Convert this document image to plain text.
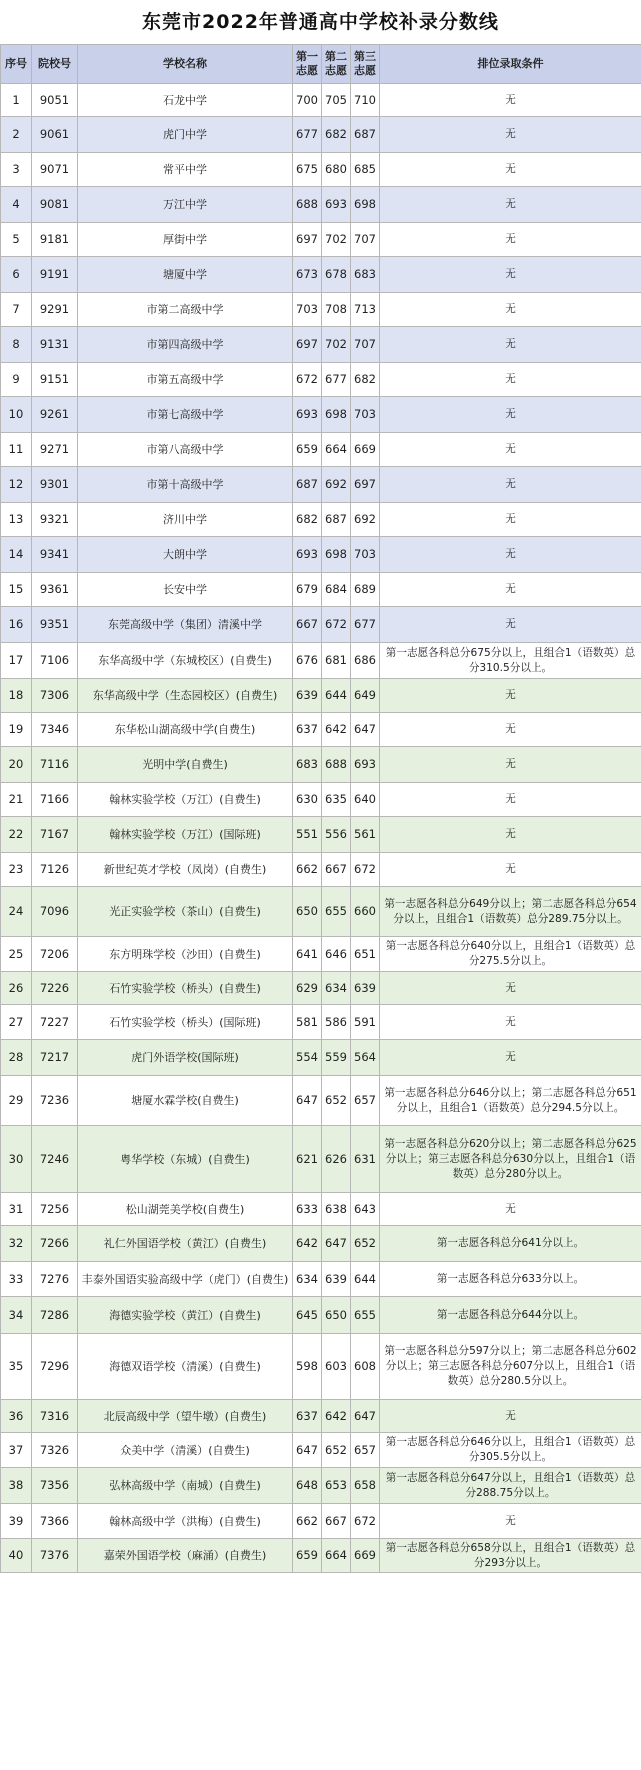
东莞市2022年普通高中学校补录分数线
序号	院校号	学校名称	第一志愿	第二志愿	第三志愿	排位录取条件
1	9051	石龙中学	700	705	710	无
2	9061	虎门中学	677	682	687	无
3	9071	常平中学	675	680	685	无
4	9081	万江中学	688	693	698	无
5	9181	厚街中学	697	702	707	无
6	9191	塘厦中学	673	678	683	无
7	9291	市第二高级中学	703	708	713	无
8	9131	市第四高级中学	697	702	707	无
9	9151	市第五高级中学	672	677	682	无
10	9261	市第七高级中学	693	698	703	无
11	9271	市第八高级中学	659	664	669	无
12	9301	市第十高级中学	687	692	697	无
13	9321	济川中学	682	687	692	无
14	9341	大朗中学	693	698	703	无
15	9361	长安中学	679	684	689	无
16	9351	东莞高级中学（集团）清溪中学	667	672	677	无
17	7106	东华高级中学（东城校区）(自费生)	676	681	686	第一志愿各科总分675分以上，且组合1（语数英）总分310.5分以上。
18	7306	东华高级中学（生态园校区）(自费生)	639	644	649	无
19	7346	东华松山湖高级中学(自费生)	637	642	647	无
20	7116	光明中学(自费生)	683	688	693	无
21	7166	翰林实验学校（万江）(自费生)	630	635	640	无
22	7167	翰林实验学校（万江）(国际班)	551	556	561	无
23	7126	新世纪英才学校（凤岗）(自费生)	662	667	672	无
24	7096	光正实验学校（茶山）(自费生)	650	655	660	第一志愿各科总分649分以上；第二志愿各科总分654分以上，且组合1（语数英）总分289.75分以上。
25	7206	东方明珠学校（沙田）(自费生)	641	646	651	第一志愿各科总分640分以上，且组合1（语数英）总分275.5分以上。
26	7226	石竹实验学校（桥头）(自费生)	629	634	639	无
27	7227	石竹实验学校（桥头）(国际班)	581	586	591	无
28	7217	虎门外语学校(国际班)	554	559	564	无
29	7236	塘厦水霖学校(自费生)	647	652	657	第一志愿各科总分646分以上；第二志愿各科总分651分以上，且组合1（语数英）总分294.5分以上。
30	7246	粤华学校（东城）(自费生)	621	626	631	第一志愿各科总分620分以上；第二志愿各科总分625分以上；第三志愿各科总分630分以上，且组合1（语数英）总分280分以上。
31	7256	松山湖莞美学校(自费生)	633	638	643	无
32	7266	礼仁外国语学校（黄江）(自费生)	642	647	652	第一志愿各科总分641分以上。
33	7276	丰泰外国语实验高级中学（虎门）(自费生)	634	639	644	第一志愿各科总分633分以上。
34	7286	海德实验学校（黄江）(自费生)	645	650	655	第一志愿各科总分644分以上。
35	7296	海德双语学校（清溪）(自费生)	598	603	608	第一志愿各科总分597分以上；第二志愿各科总分602分以上；第三志愿各科总分607分以上，且组合1（语数英）总分280.5分以上。
36	7316	北辰高级中学（望牛墩）(自费生)	637	642	647	无
37	7326	众美中学（清溪）(自费生)	647	652	657	第一志愿各科总分646分以上，且组合1（语数英）总分305.5分以上。
38	7356	弘林高级中学（南城）(自费生)	648	653	658	第一志愿各科总分647分以上，且组合1（语数英）总分288.75分以上。
39	7366	翰林高级中学（洪梅）(自费生)	662	667	672	无
40	7376	嘉荣外国语学校（麻涌）(自费生)	659	664	669	第一志愿各科总分658分以上，且组合1（语数英）总分293分以上。
